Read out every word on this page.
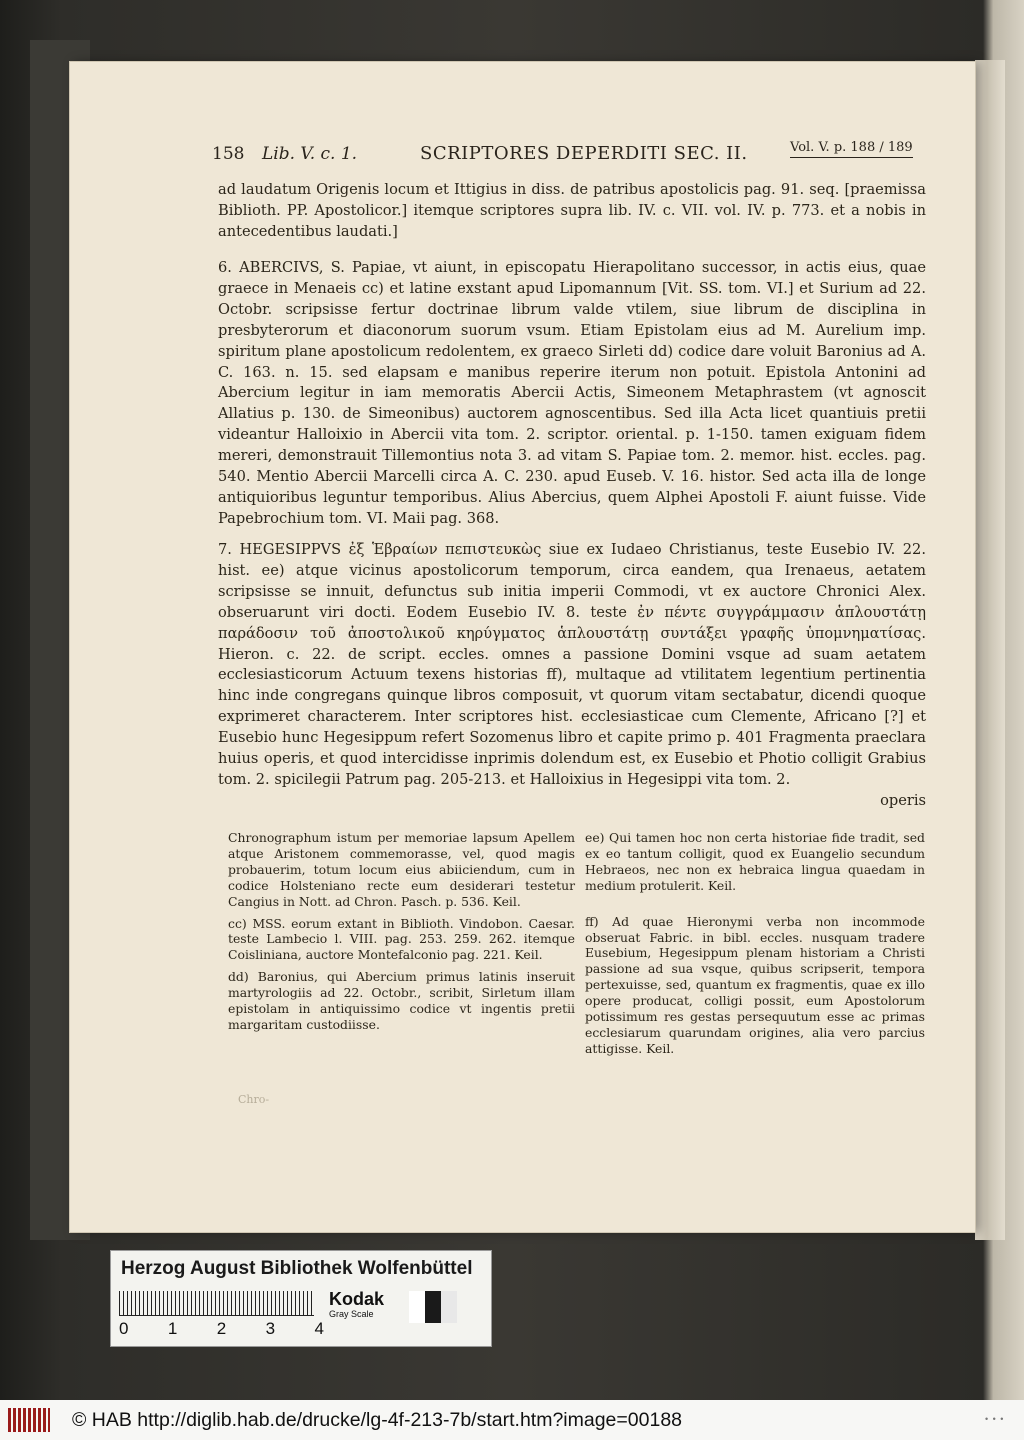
158 Lib. V. c. 1.	SCRIPTORES DEPERDITI SEC. II.	Vol. V. p. 188 / 189
ad laudatum Origenis locum et Ittigius in diss. de patribus apostolicis pag. 91. seq. [praemissa Biblioth. PP. Apostolicor.] itemque scriptores supra lib. IV. c. VII. vol. IV. p. 773. et a nobis in antecedentibus laudati.]
6. ABERCIVS, S. Papiae, vt aiunt, in episcopatu Hierapolitano successor, in actis eius, quae graece in Menaeis cc) et latine exstant apud Lipomannum [Vit. SS. tom. VI.] et Surium ad 22. Octobr. scripsisse fertur doctrinae librum valde vtilem, siue librum de disciplina in presbyterorum et diaconorum suorum vsum. Etiam Epistolam eius ad M. Aurelium imp. spiritum plane apostolicum redolentem, ex graeco Sirleti dd) codice dare voluit Baronius ad A. C. 163. n. 15. sed elapsam e manibus reperire iterum non potuit. Epistola Antonini ad Abercium legitur in iam memoratis Abercii Actis, Simeonem Metaphrastem (vt agnoscit Allatius p. 130. de Simeonibus) auctorem agnoscentibus. Sed illa Acta licet quantiuis pretii videantur Halloixio in Abercii vita tom. 2. scriptor. oriental. p. 1-150. tamen exiguam fidem mereri, demonstrauit Tillemontius nota 3. ad vitam S. Papiae tom. 2. memor. hist. eccles. pag. 540. Mentio Abercii Marcelli circa A. C. 230. apud Euseb. V. 16. histor. Sed acta illa de longe antiquioribus leguntur temporibus. Alius Abercius, quem Alphei Apostoli F. aiunt fuisse. Vide Papebrochium tom. VI. Maii pag. 368.
7. HEGESIPPVS ἐξ Ἑβραίων πεπιστευκὼς siue ex Iudaeo Christianus, teste Eusebio IV. 22. hist. ee) atque vicinus apostolicorum temporum, circa eandem, qua Irenaeus, aetatem scripsisse se innuit, defunctus sub initia imperii Commodi, vt ex auctore Chronici Alex. obseruarunt viri docti. Eodem Eusebio IV. 8. teste ἐν πέντε συγγράμμασιν ἁπλουστάτῃ παράδοσιν τοῦ ἀποστολικοῦ κηρύγματος ἁπλουστάτῃ συντάξει γραφῆς ὑπομνηματίσας. Hieron. c. 22. de script. eccles. omnes a passione Domini vsque ad suam aetatem ecclesiasticorum Actuum texens historias ff), multaque ad vtilitatem legentium pertinentia hinc inde congregans quinque libros composuit, vt quorum vitam sectabatur, dicendi quoque exprimeret characterem. Inter scriptores hist. ecclesiasticae cum Clemente, Africano [?] et Eusebio hunc Hegesippum refert Sozomenus libro et capite primo p. 401 Fragmenta praeclara huius operis, et quod intercidisse inprimis dolendum est, ex Eusebio et Photio colligit Grabius tom. 2. spicilegii Patrum pag. 205-213. et Halloixius in Hegesippi vita tom. 2.
operis

Chronographum istum per memoriae lapsum Apellem atque Aristonem commemorasse, vel, quod magis probauerim, totum locum eius abiiciendum, cum in codice Holsteniano recte eum desiderari testetur Cangius in Nott. ad Chron. Pasch. p. 536. Keil.

cc) MSS. eorum extant in Biblioth. Vindobon. Caesar. teste Lambecio l. VIII. pag. 253. 259. 262. itemque Coisliniana, auctore Montefalconio pag. 221. Keil.

dd) Baronius, qui Abercium primus latinis inseruit martyrologiis ad 22. Octobr., scribit, Sirletum illam epistolam in antiquissimo codice vt ingentis pretii margaritam custodiisse.

ee) Qui tamen hoc non certa historiae fide tradit, sed ex eo tantum colligit, quod ex Euangelio secundum Hebraeos, nec non ex hebraica lingua quaedam in medium protulerit. Keil.

ff) Ad quae Hieronymi verba non incommode obseruat Fabric. in bibl. eccles. nusquam tradere Eusebium, Hegesippum plenam historiam a Christi passione ad sua vsque, quibus scripserit, tempora pertexuisse, sed, quantum ex fragmentis, quae ex illo opere producat, colligi possit, eum Apostolorum potissimum res gestas persequutum esse ac primas ecclesiarum quarundam origines, alia vero parcius attigisse. Keil.

Chro-
Herzog August Bibliothek Wolfenbüttel
0 1 2 3 4
Kodak
Gray Scale
© HAB http://diglib.hab.de/drucke/lg-4f-213-7b/start.htm?image=00188	• • •
